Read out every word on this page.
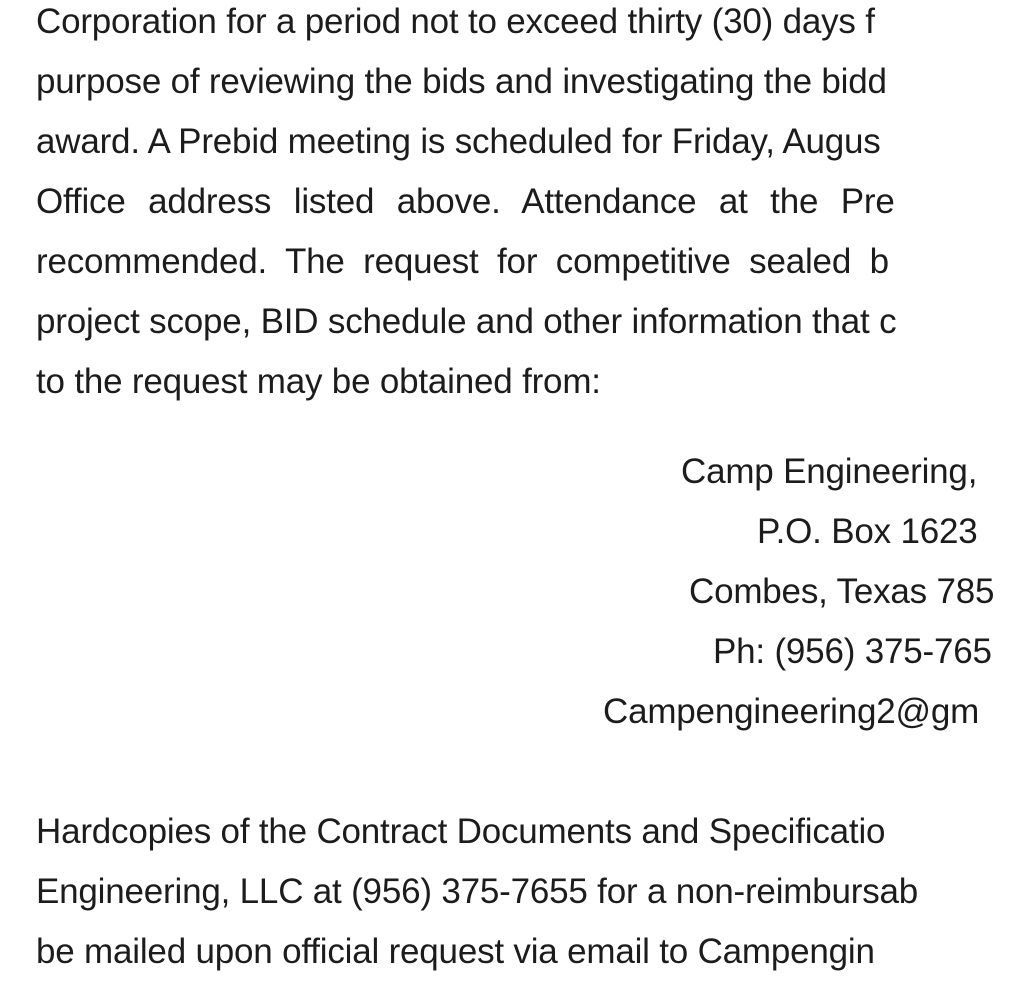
Corporation for a period not to exceed thirty (30) days f
purpose of reviewing the bids and investigating the bidd
award. A Prebid meeting is scheduled for Friday, Augus
Office address listed above. Attendance at the Pre
recommended. The request for competitive sealed b
project scope, BID schedule and other information that c
to the request may be obtained from:
Camp Engineering,
P.O. Box 1623
Combes, Texas 785
Ph: (956) 375-765
Campengineering2@gm
Hardcopies of the Contract Documents and Specificatio
Engineering, LLC at (956) 375-7655 for a non-reimbursab
be mailed upon official request via email to Campengin
